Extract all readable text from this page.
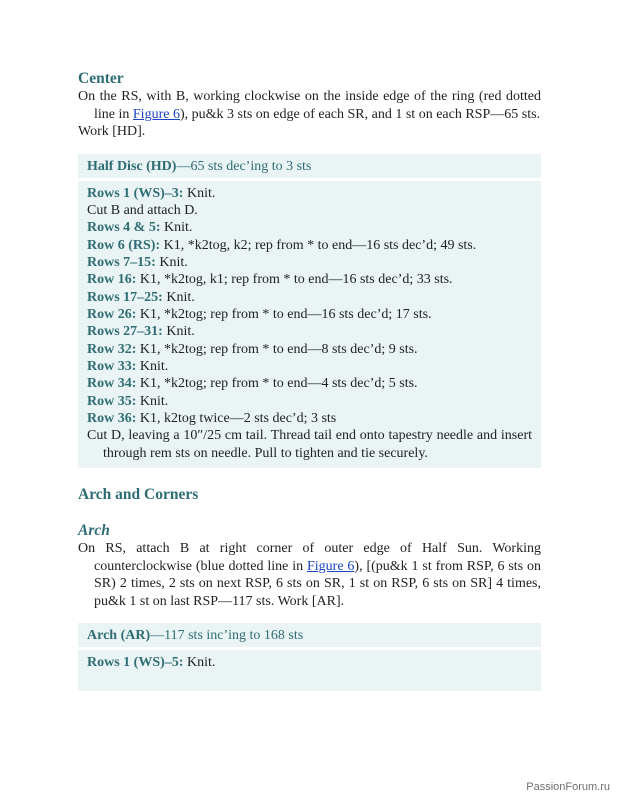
Center

On the RS, with B, working clockwise on the inside edge of the ring (red dotted line in Figure 6), pu&k 3 sts on edge of each SR, and 1 st on each RSP—65 sts.

Work [HD].

Half Disc (HD)—65 sts dec’ing to 3 sts
Rows 1 (WS)–3: Knit.
Cut B and attach D.
Rows 4 & 5: Knit.
Row 6 (RS): K1, *k2tog, k2; rep from * to end—16 sts dec’d; 49 sts.
Rows 7–15: Knit.
Row 16: K1, *k2tog, k1; rep from * to end—16 sts dec’d; 33 sts.
Rows 17–25: Knit.
Row 26: K1, *k2tog; rep from * to end—16 sts dec’d; 17 sts.
Rows 27–31: Knit.
Row 32: K1, *k2tog; rep from * to end—8 sts dec’d; 9 sts.
Row 33: Knit.
Row 34: K1, *k2tog; rep from * to end—4 sts dec’d; 5 sts.
Row 35: Knit.
Row 36: K1, k2tog twice—2 sts dec’d; 3 sts
Cut D, leaving a 10″/25 cm tail. Thread tail end onto tapestry needle and insert through rem sts on needle. Pull to tighten and tie securely.
Arch and Corners
Arch

On RS, attach B at right corner of outer edge of Half Sun. Working counterclockwise (blue dotted line in Figure 6), [(pu&k 1 st from RSP, 6 sts on SR) 2 times, 2 sts on next RSP, 6 sts on SR, 1 st on RSP, 6 sts on SR] 4 times, pu&k 1 st on last RSP—117 sts. Work [AR].

Arch (AR)—117 sts inc’ing to 168 sts
Rows 1 (WS)–5: Knit.
PassionForum.ru
